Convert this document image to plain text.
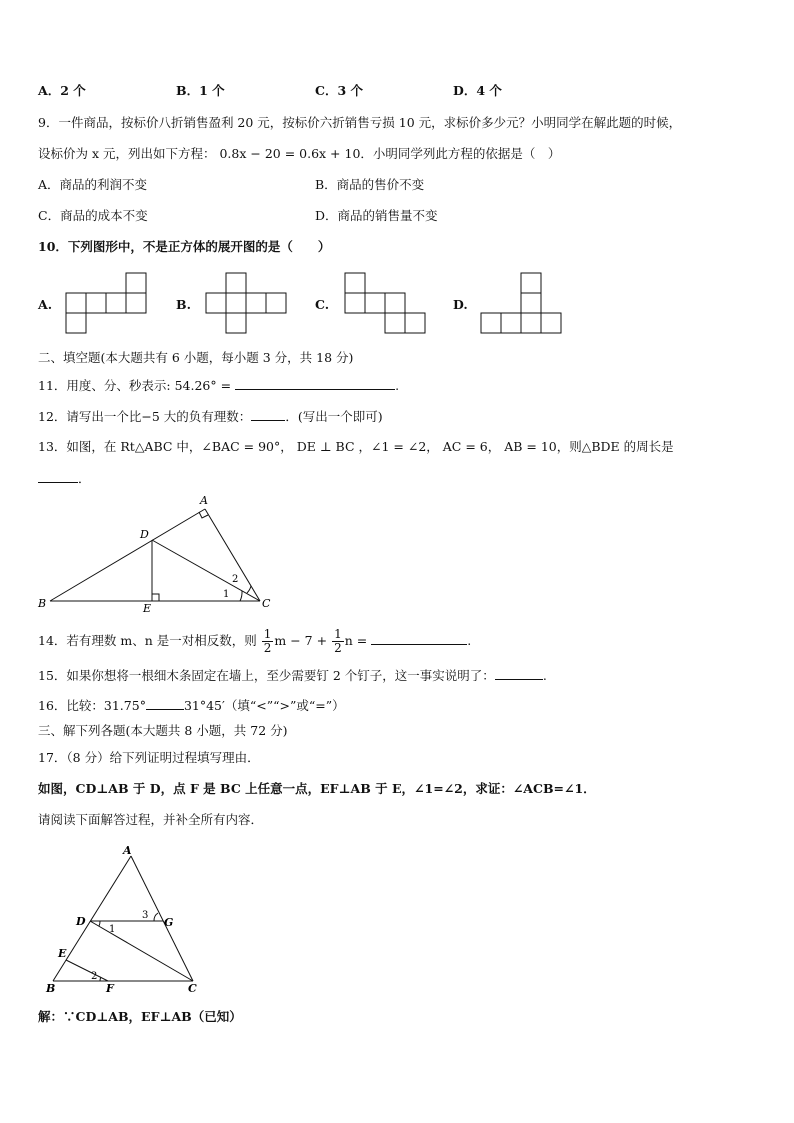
A．2 个	B．1 个	C．3 个	D．4 个
9．一件商品，按标价八折销售盈利 20 元，按标价六折销售亏损 10 元，求标价多少元？小明同学在解此题的时候，
设标价为 x 元，列出如下方程： 0.8x − 20 = 0.6x + 10．小明同学列此方程的依据是（　）
A．商品的利润不变	B．商品的售价不变
C．商品的成本不变	D．商品的销售量不变
10．下列图形中，不是正方体的展开图的是（　　）
A.	B.	C.	D.
二、填空题(本大题共有 6 小题，每小题 3 分，共 18 分)
11．用度、分、秒表示: 54.26° =	.
12．请写出一个比−5 大的负有理数：	．(写出一个即可)
13．如图，在 Rt△ABC 中，∠BAC = 90°， DE ⊥ BC ，∠1 = ∠2， AC = 6， AB = 10，则△BDE 的周长是
．
A
B	C
D
E
1
2
14．若有理数 m、n 是一对相反数，则 $\frac{1}{2}$ $m - 7 + \frac{1}{2}$ n =	.
15．如果你想将一根细木条固定在墙上，至少需要钉 2 个钉子，这一事实说明了：	.
16．比较：31.75°	31°45′（填“<”“>”或“=”）
三、解下列各题(本大题共 8 小题，共 72 分)
17．（8 分）给下列证明过程填写理由．
如图，CD⊥AB 于 D，点 F 是 BC 上任意一点，EF⊥AB 于 E，∠1=∠2，求证：∠ACB=∠1．
请阅读下面解答过程，并补全所有内容．
A
B	C
D
E
F
G
1
2
3
解：∵CD⊥AB，EF⊥AB（已知）
